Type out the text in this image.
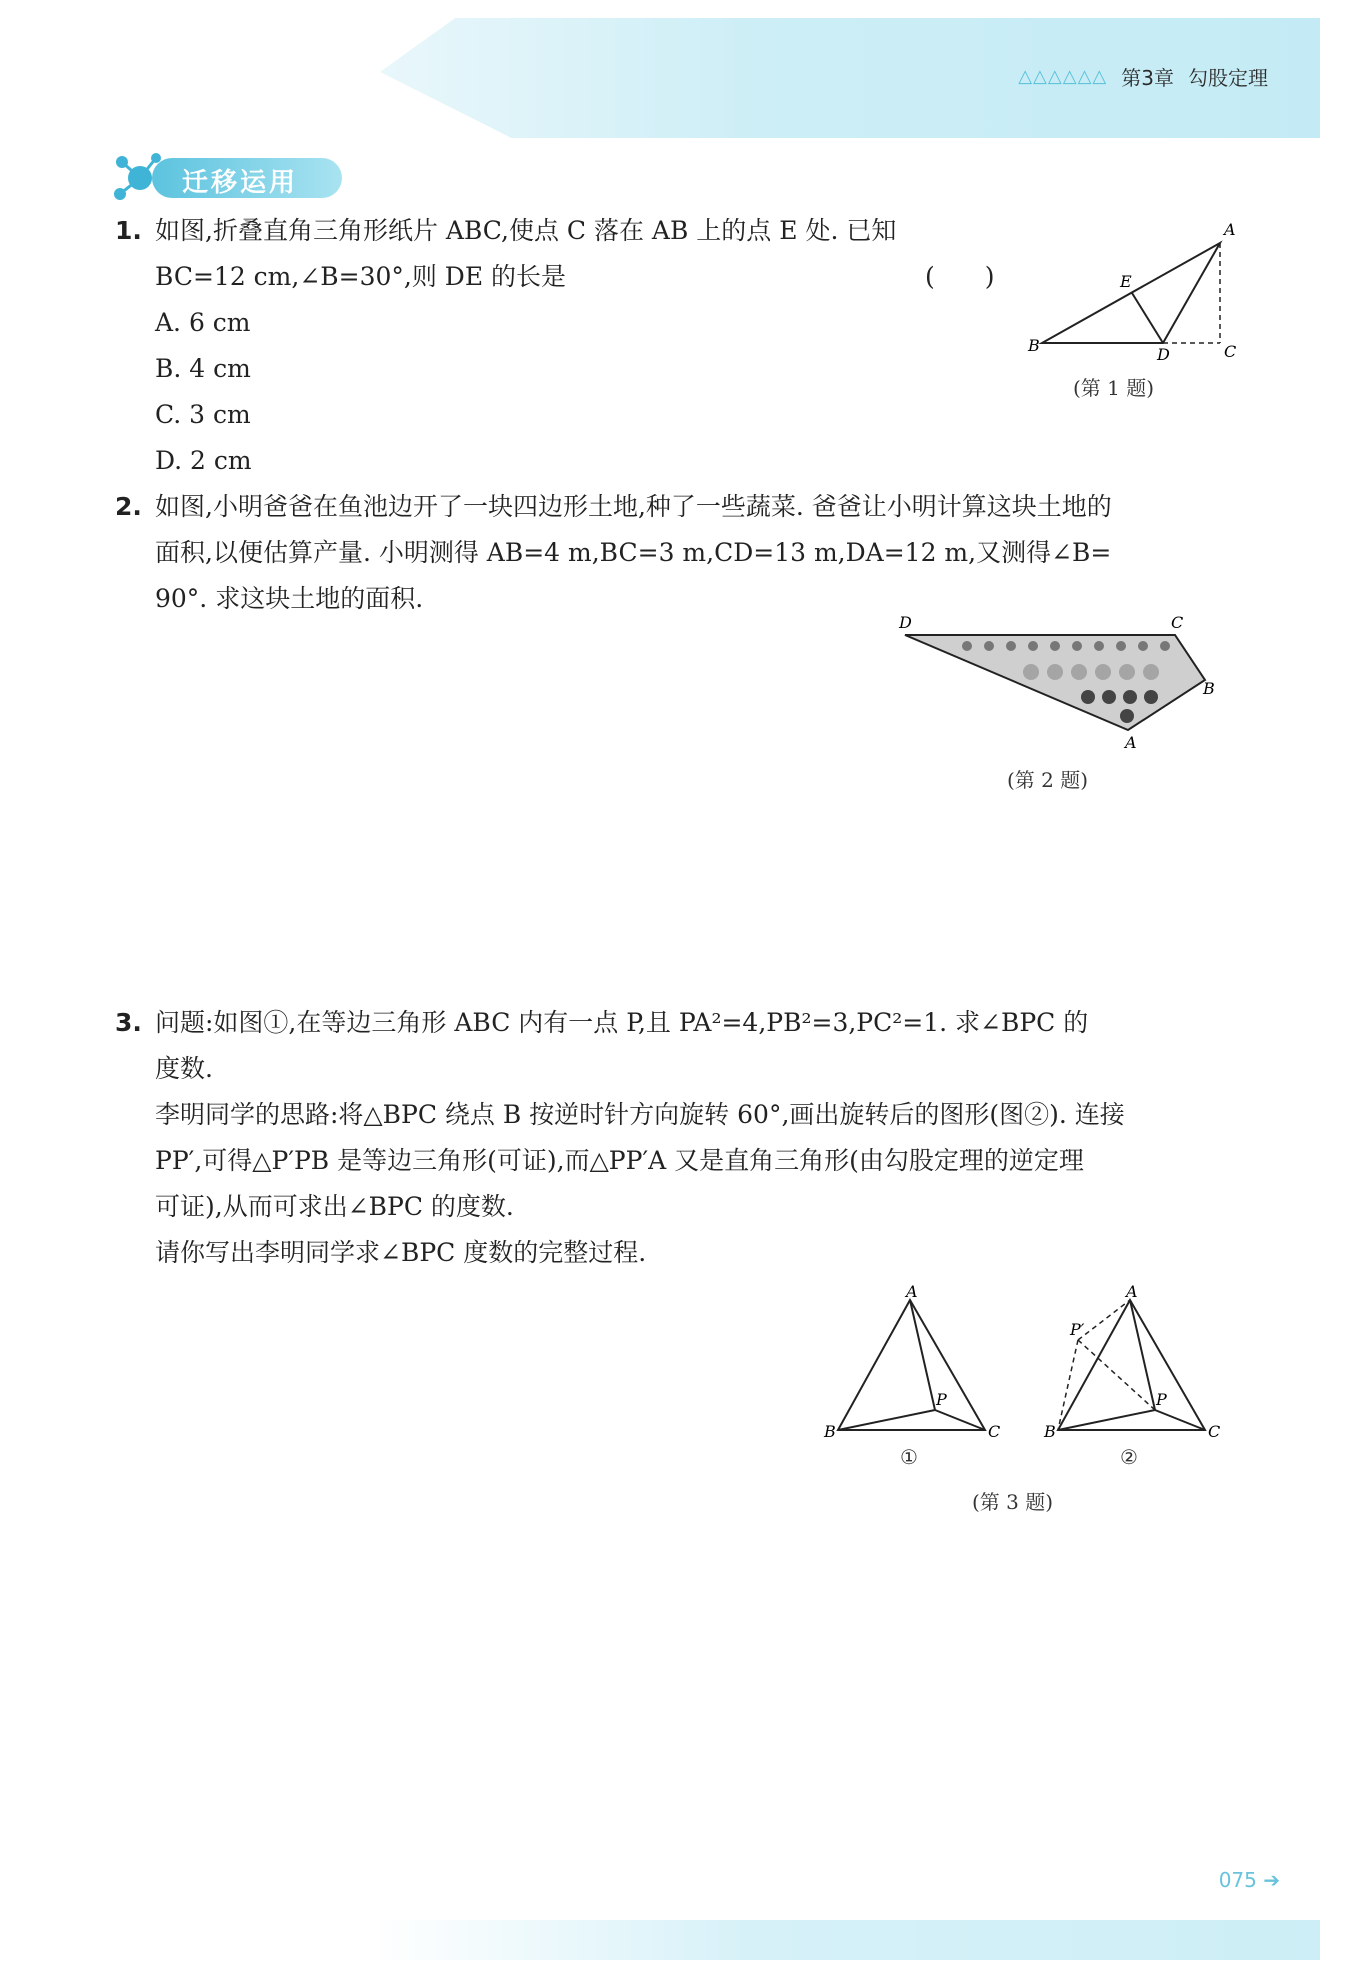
△△△△△△ 第3章 勾股定理
迁移运用
1. 如图,折叠直角三角形纸片 ABC,使点 C 落在 AB 上的点 E 处. 已知
BC=12 cm,∠B=30°,则 DE 的长是	(　　)
A. 6 cm
B. 4 cm
C. 3 cm
D. 2 cm
A
B	C
D
E
(第 1 题)
2. 如图,小明爸爸在鱼池边开了一块四边形土地,种了一些蔬菜. 爸爸让小明计算这块土地的
面积,以便估算产量. 小明测得 AB=4 m,BC=3 m,CD=13 m,DA=12 m,又测得∠B=
90°. 求这块土地的面积.
D	C
B
A
(第 2 题)
3. 问题:如图①,在等边三角形 ABC 内有一点 P,且 PA²=4,PB²=3,PC²=1. 求∠BPC 的
度数.
李明同学的思路:将△BPC 绕点 B 按逆时针方向旋转 60°,画出旋转后的图形(图②). 连接
PP′,可得△P′PB 是等边三角形(可证),而△PP′A 又是直角三角形(由勾股定理的逆定理
可证),从而可求出∠BPC 的度数.
请你写出李明同学求∠BPC 度数的完整过程.
A
B	C
P
①
A
B	C
P
P′
②
(第 3 题)
075 ➔
